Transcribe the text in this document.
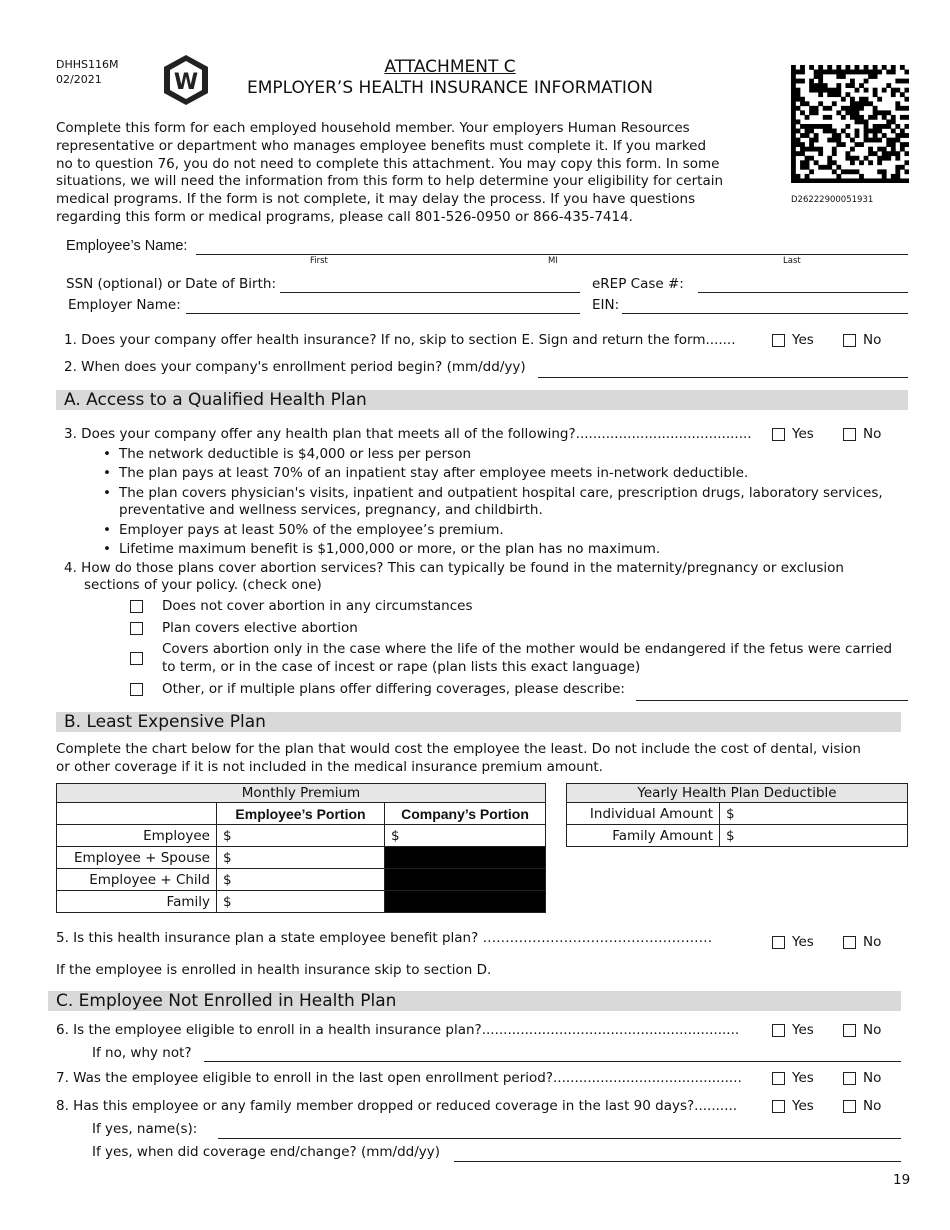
DHHS116M
02/2021	W
ATTACHMENT C
EMPLOYER’S HEALTH INSURANCE INFORMATION
D26222900051931
Complete this form for each employed household member. Your employers Human Resources
representative or department who manages employee benefits must complete it. If you marked
no to question 76, you do not need to complete this attachment. You may copy this form. In some
situations, we will need the information from this form to help determine your eligibility for certain
medical programs. If the form is not complete, it may delay the process. If you have questions
regarding this form or medical programs, please call 801-526-0950 or 866-435-7414.
Employee’s Name:
First	MI	Last
SSN (optional) or Date of Birth:	eREP Case #:
Employer Name:	EIN:
1. Does your company offer health insurance? If no, skip to section E. Sign and return the form.......	Yes	No
2. When does your company's enrollment period begin? (mm/dd/yy)
A. Access to a Qualified Health Plan
3. Does your company offer any health plan that meets all of the following?.........................................	Yes	No
• The network deductible is $4,000 or less per person
• The plan pays at least 70% of an inpatient stay after employee meets in-network deductible.
• The plan covers physician's visits, inpatient and outpatient hospital care, prescription drugs, laboratory services,
preventative and wellness services, pregnancy, and childbirth.
• Employer pays at least 50% of the employee’s premium.
• Lifetime maximum benefit is $1,000,000 or more, or the plan has no maximum.
4. How do those plans cover abortion services? This can typically be found in the maternity/pregnancy or exclusion
sections of your policy. (check one)
Does not cover abortion in any circumstances
Plan covers elective abortion
Covers abortion only in the case where the life of the mother would be endangered if the fetus were carried
to term, or in the case of incest or rape (plan lists this exact language)
Other, or if multiple plans offer differing coverages, please describe:
B. Least Expensive Plan
Complete the chart below for the plan that would cost the employee the least. Do not include the cost of dental, vision
or other coverage if it is not included in the medical insurance premium amount.
Monthly Premium		
	Employee’s Portion	Company’s Portion
Employee	$	$
Employee + Spouse	$	
Employee + Child	$	
Family	$	
Yearly Health Plan Deductible	
Individual Amount	$
Family Amount	$
5. Is this health insurance plan a state employee benefit plan? ……………………………………………	Yes	No
If the employee is enrolled in health insurance skip to section D.
C. Employee Not Enrolled in Health Plan
6. Is the employee eligible to enroll in a health insurance plan?............................................................	Yes	No
If no, why not?
7. Was the employee eligible to enroll in the last open enrollment period?............................................	Yes	No
8. Has this employee or any family member dropped or reduced coverage in the last 90 days?..........	Yes	No
If yes, name(s):
If yes, when did coverage end/change? (mm/dd/yy)
19
